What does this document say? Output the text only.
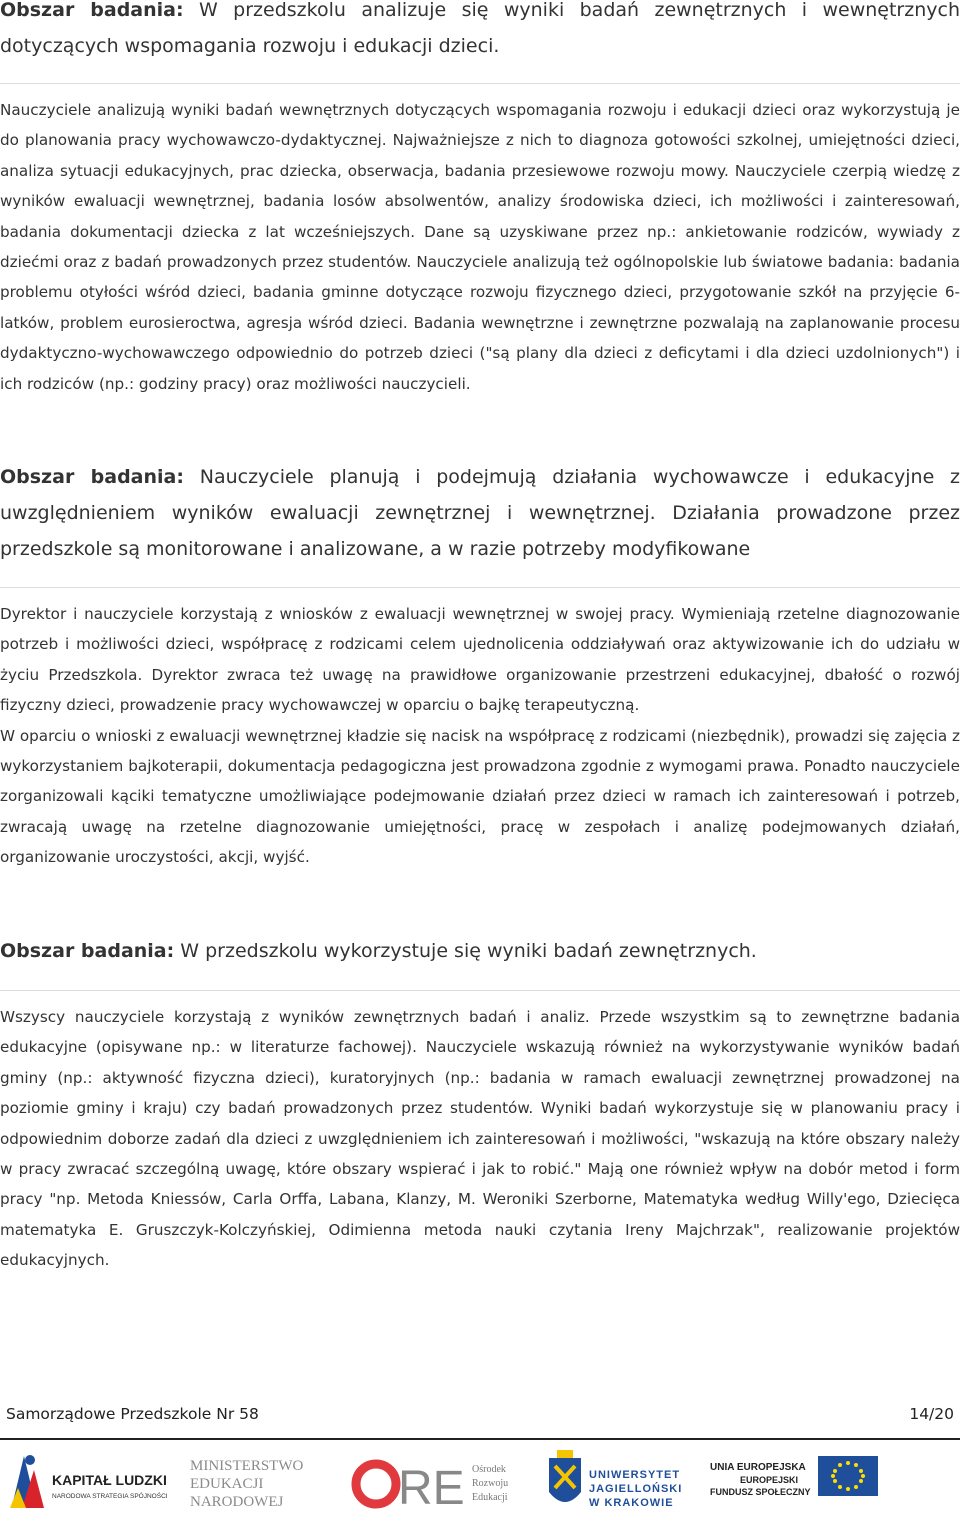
Obszar badania: W przedszkolu analizuje się wyniki badań zewnętrznych i wewnętrznych dotyczących wspomagania rozwoju i edukacji dzieci.

Nauczyciele analizują wyniki badań wewnętrznych dotyczących wspomagania rozwoju i edukacji dzieci oraz wykorzystują je do planowania pracy wychowawczo-dydaktycznej. Najważniejsze z nich to diagnoza gotowości szkolnej, umiejętności dzieci, analiza sytuacji edukacyjnych, prac dziecka, obserwacja, badania przesiewowe rozwoju mowy. Nauczyciele czerpią wiedzę z wyników ewaluacji wewnętrznej, badania losów absolwentów, analizy środowiska dzieci, ich możliwości i zainteresowań, badania dokumentacji dziecka z lat wcześniejszych. Dane są uzyskiwane przez np.: ankietowanie rodziców, wywiady z dziećmi oraz z badań prowadzonych przez studentów. Nauczyciele analizują też ogólnopolskie lub światowe badania: badania problemu otyłości wśród dzieci, badania gminne dotyczące rozwoju fizycznego dzieci, przygotowanie szkół na przyjęcie 6-latków, problem eurosieroctwa, agresja wśród dzieci. Badania wewnętrzne i zewnętrzne pozwalają na zaplanowanie procesu dydaktyczno-wychowawczego odpowiednio do potrzeb dzieci ("są plany dla dzieci z deficytami i dla dzieci uzdolnionych") i ich rodziców (np.: godziny pracy) oraz możliwości nauczycieli.

Obszar badania: Nauczyciele planują i podejmują działania wychowawcze i edukacyjne z uwzględnieniem wyników ewaluacji zewnętrznej i wewnętrznej. Działania prowadzone przez przedszkole są monitorowane i analizowane, a w razie potrzeby modyfikowane

Dyrektor i nauczyciele korzystają z wniosków z ewaluacji wewnętrznej w swojej pracy. Wymieniają rzetelne diagnozowanie potrzeb i możliwości dzieci, współpracę z rodzicami celem ujednolicenia oddziaływań oraz aktywizowanie ich do udziału w życiu Przedszkola. Dyrektor zwraca też uwagę na prawidłowe organizowanie przestrzeni edukacyjnej, dbałość o rozwój fizyczny dzieci, prowadzenie pracy wychowawczej w oparciu o bajkę terapeutyczną.

W oparciu o wnioski z ewaluacji wewnętrznej kładzie się nacisk na współpracę z rodzicami (niezbędnik), prowadzi się zajęcia z wykorzystaniem bajkoterapii, dokumentacja pedagogiczna jest prowadzona zgodnie z wymogami prawa. Ponadto nauczyciele zorganizowali kąciki tematyczne umożliwiające podejmowanie działań przez dzieci w ramach ich zainteresowań i potrzeb, zwracają uwagę na rzetelne diagnozowanie umiejętności, pracę w zespołach i analizę podejmowanych działań, organizowanie uroczystości, akcji, wyjść.

Obszar badania: W przedszkolu wykorzystuje się wyniki badań zewnętrznych.

Wszyscy nauczyciele korzystają z wyników zewnętrznych badań i analiz. Przede wszystkim są to zewnętrzne badania edukacyjne (opisywane np.: w literaturze fachowej). Nauczyciele wskazują również na wykorzystywanie wyników badań gminy (np.: aktywność fizyczna dzieci), kuratoryjnych (np.: badania w ramach ewaluacji zewnętrznej prowadzonej na poziomie gminy i kraju) czy badań prowadzonych przez studentów. Wyniki badań wykorzystuje się w planowaniu pracy i odpowiednim doborze zadań dla dzieci z uwzględnieniem ich zainteresowań i możliwości, "wskazują na które obszary należy w pracy zwracać szczególną uwagę, które obszary wspierać i jak to robić." Mają one również wpływ na dobór metod i form pracy "np. Metoda Kniessów, Carla Orffa, Labana, Klanzy, M. Weroniki Szerborne, Matematyka według Willy'ego, Dziecięca matematyka E. Gruszczyk-Kolczyńskiej, Odimienna metoda nauki czytania Ireny Majchrzak", realizowanie projektów edukacyjnych.

Samorządowe Przedszkole Nr 58	14/20
KAPITAŁ LUDZKI
NARODOWA STRATEGIA SPÓJNOŚCI
MINISTERSTWO
EDUKACJI
NARODOWEJ RE Ośrodek
Rozwoju
Edukacji
UNIWERSYTET
JAGIELLOŃSKI
W KRAKOWIE
UNIA EUROPEJSKA
EUROPEJSKI
FUNDUSZ SPOŁECZNY
